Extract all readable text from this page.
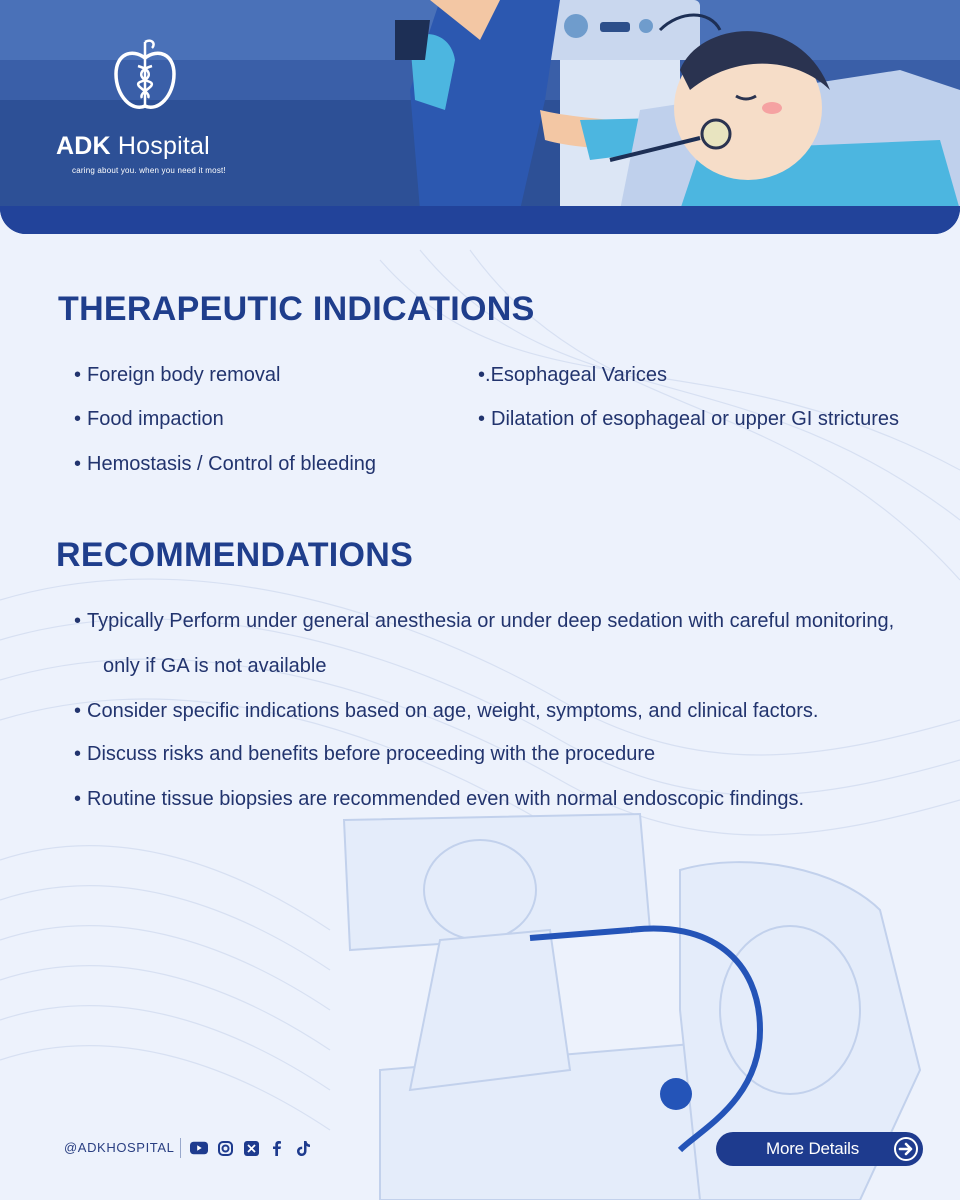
ADK Hospital
caring about you. when you need it most!
THERAPEUTIC INDICATIONS
• Foreign body removal
• Food impaction
• Hemostasis / Control of bleeding
• .Esophageal Varices
• Dilatation of esophageal or upper GI strictures
RECOMMENDATIONS
• Typically Perform under general anesthesia or under deep sedation with careful monitoring,
only if GA is not available
• Consider specific indications based on age, weight, symptoms, and clinical factors.
• Discuss risks and benefits before proceeding with the procedure
• Routine tissue biopsies are recommended even with normal endoscopic findings.
@ADKHOSPITAL	More Details
